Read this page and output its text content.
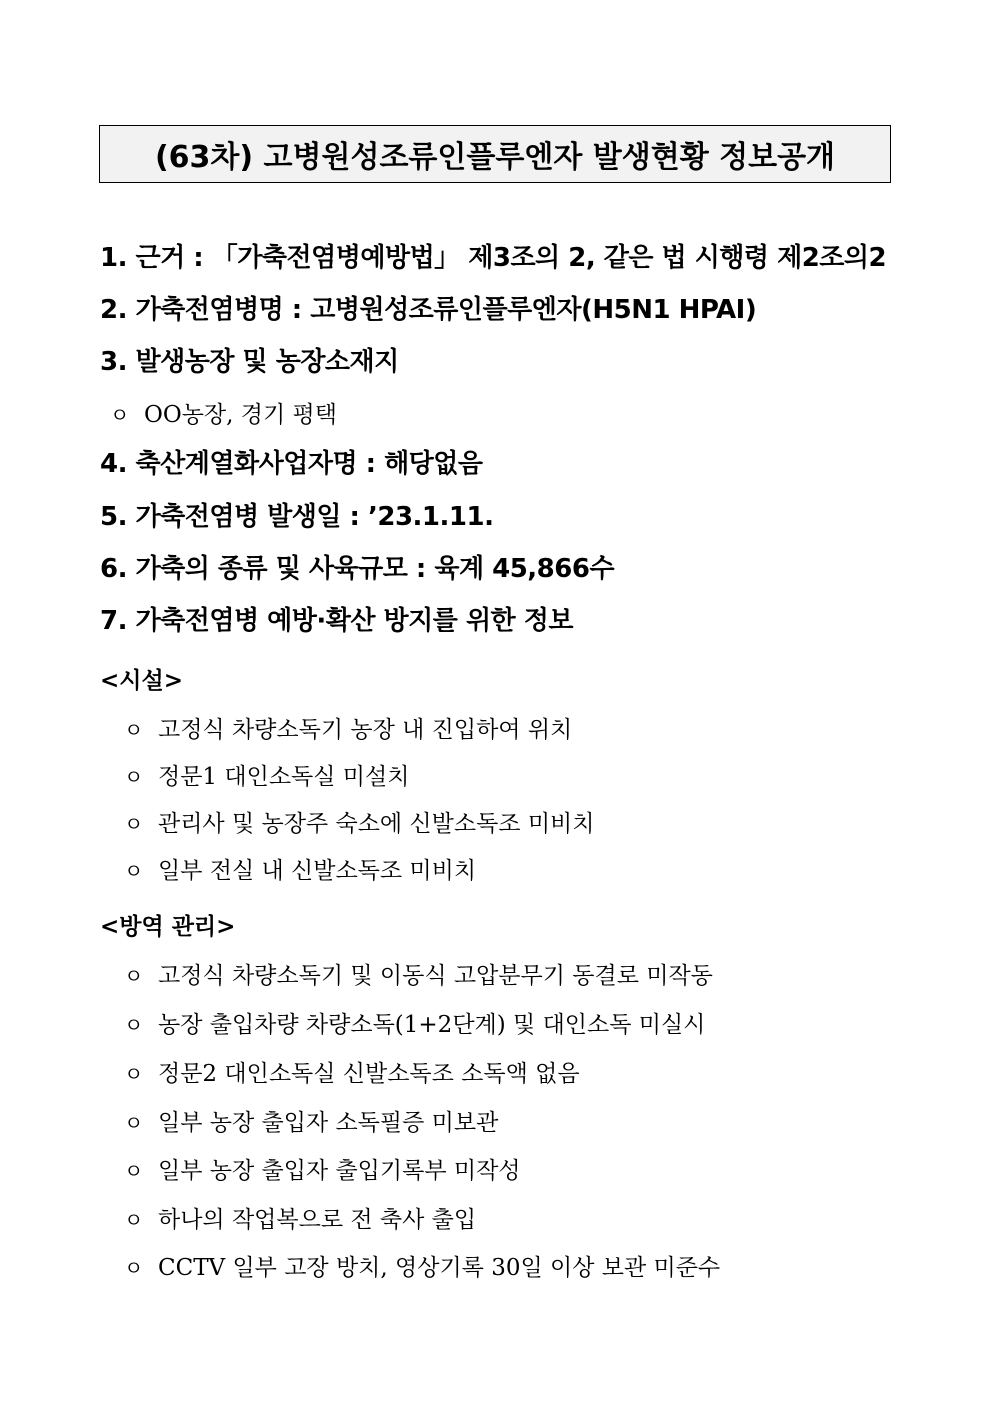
(63차) 고병원성조류인플루엔자 발생현황 정보공개
1. 근거 : 「가축전염병예방법」 제3조의 2, 같은 법 시행령 제2조의2
2. 가축전염병명 : 고병원성조류인플루엔자(H5N1 HPAI)
3. 발생농장 및 농장소재지
ㅇ OO농장, 경기 평택
4. 축산계열화사업자명 : 해당없음
5. 가축전염병 발생일 : ’23.1.11.
6. 가축의 종류 및 사육규모 : 육계 45,866수
7. 가축전염병 예방·확산 방지를 위한 정보
<시설>
ㅇ 고정식 차량소독기 농장 내 진입하여 위치
ㅇ 정문1 대인소독실 미설치
ㅇ 관리사 및 농장주 숙소에 신발소독조 미비치
ㅇ 일부 전실 내 신발소독조 미비치
<방역 관리>
ㅇ 고정식 차량소독기 및 이동식 고압분무기 동결로 미작동
ㅇ 농장 출입차량 차량소독(1+2단계) 및 대인소독 미실시
ㅇ 정문2 대인소독실 신발소독조 소독액 없음
ㅇ 일부 농장 출입자 소독필증 미보관
ㅇ 일부 농장 출입자 출입기록부 미작성
ㅇ 하나의 작업복으로 전 축사 출입
ㅇ CCTV 일부 고장 방치, 영상기록 30일 이상 보관 미준수
